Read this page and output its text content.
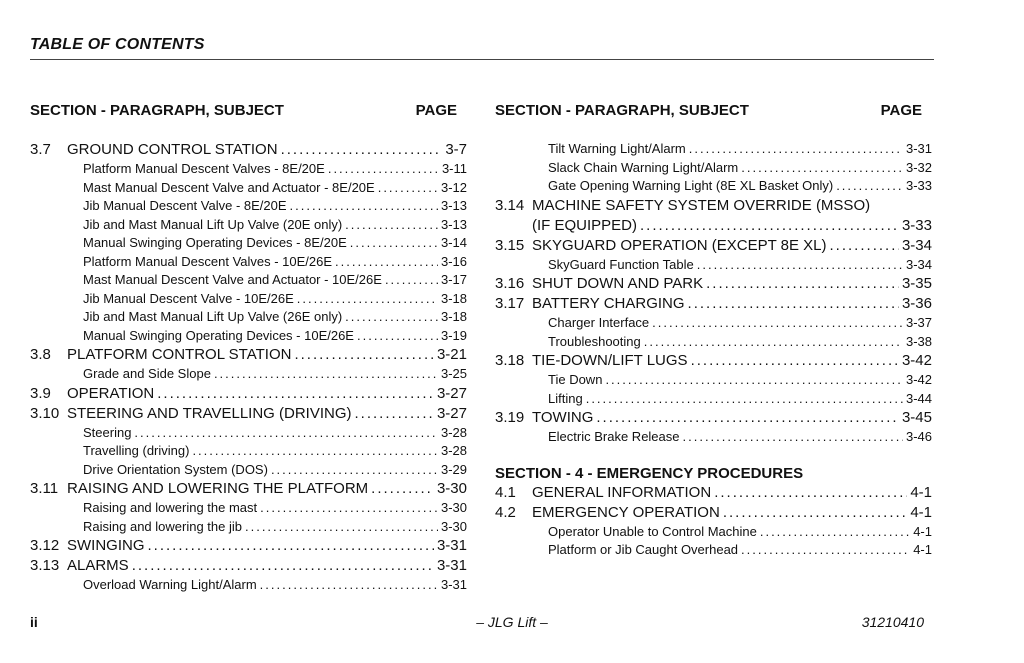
TABLE OF CONTENTS
SECTION - PARAGRAPH, SUBJECT	PAGE
3.7	GROUND CONTROL STATION .....	3-7
Platform Manual Descent Valves - 8E/20E .....	3-11
Mast Manual Descent Valve and Actuator - 8E/20E .....	3-12
Jib Manual Descent Valve - 8E/20E .....	3-13
Jib and Mast Manual Lift Up Valve (20E only) .....	3-13
Manual Swinging Operating Devices - 8E/20E .....	3-14
Platform Manual Descent Valves - 10E/26E .....	3-16
Mast Manual Descent Valve and Actuator - 10E/26E .....	3-17
Jib Manual Descent Valve - 10E/26E .....	3-18
Jib and Mast Manual Lift Up Valve (26E only) .....	3-18
Manual Swinging Operating Devices - 10E/26E .....	3-19
3.8	PLATFORM CONTROL STATION .....	3-21
Grade and Side Slope .....	3-25
3.9	OPERATION .....	3-27
3.10 STEERING AND TRAVELLING (DRIVING) .....	3-27
Steering .....	3-28
Travelling (driving) .....	3-28
Drive Orientation System (DOS) .....	3-29
3.11 RAISING AND LOWERING THE PLATFORM .....	3-30
Raising and lowering the mast .....	3-30
Raising and lowering the jib .....	3-30
3.12 SWINGING .....	3-31
3.13 ALARMS .....	3-31
Overload Warning Light/Alarm .....	3-31
SECTION - PARAGRAPH, SUBJECT	PAGE
Tilt Warning Light/Alarm .....	3-31
Slack Chain Warning Light/Alarm .....	3-32
Gate Opening Warning Light (8E XL Basket Only) .....	3-33
3.14 MACHINE SAFETY SYSTEM OVERRIDE (MSSO)
(IF EQUIPPED) .....	3-33
3.15 SKYGUARD OPERATION (EXCEPT 8E XL) .....	3-34
SkyGuard Function Table .....	3-34
3.16 SHUT DOWN AND PARK .....	3-35
3.17 BATTERY CHARGING .....	3-36
Charger Interface .....	3-37
Troubleshooting .....	3-38
3.18 TIE-DOWN/LIFT LUGS .....	3-42
Tie Down .....	3-42
Lifting .....	3-44
3.19 TOWING .....	3-45
Electric Brake Release .....	3-46
SECTION - 4 - EMERGENCY PROCEDURES
4.1	GENERAL INFORMATION .....	4-1
4.2	EMERGENCY OPERATION .....	4-1
Operator Unable to Control Machine .....	4-1
Platform or Jib Caught Overhead .....	4-1
ii	– JLG Lift –	31210410
